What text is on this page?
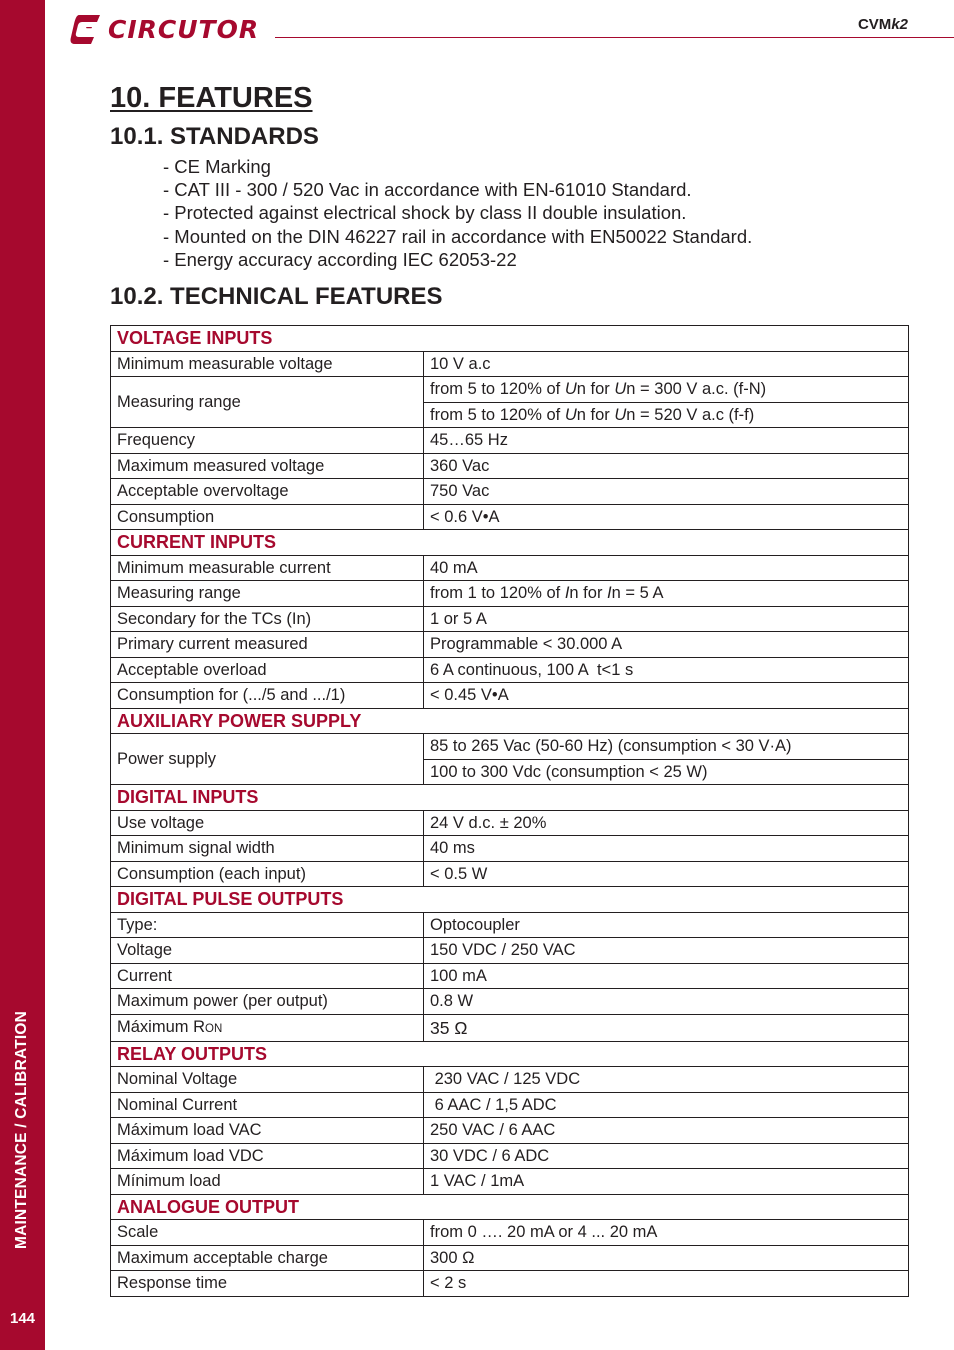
MAINTENANCE / CALIBRATION
144
CIRCUTOR	CVMk2
10. FEATURES
10.1. STANDARDS
- CE Marking
- CAT III - 300 / 520 Vac in accordance with EN-61010 Standard.
- Protected against electrical shock by class II double insulation.
- Mounted on the DIN 46227 rail in accordance with EN50022 Standard.
- Energy accuracy according IEC 62053-22
10.2. TECHNICAL FEATURES
VOLTAGE INPUTS	
Minimum measurable voltage	10 V a.c
Measuring range	from 5 to 120% of Un for Un = 300 V a.c. (f-N)
	from 5 to 120% of Un for Un = 520 V a.c (f-f)
Frequency	45…65 Hz
Maximum measured voltage	360 Vac
Acceptable overvoltage	750 Vac
Consumption	< 0.6 V•A
CURRENT INPUTS	
Minimum measurable current	40 mA
Measuring range	from 1 to 120% of In for In = 5 A
Secondary for the TCs (In)	1 or 5 A
Primary current measured	Programmable < 30.000 A
Acceptable overload	6 A continuous, 100 A  t<1 s
Consumption for (.../5 and .../1)	< 0.45 V•A
AUXILIARY POWER SUPPLY	
Power supply	85 to 265 Vac (50-60 Hz) (consumption < 30 V·A)
	100 to 300 Vdc (consumption < 25 W)
DIGITAL INPUTS	
Use voltage	24 V d.c. ± 20%
Minimum signal width	40 ms
Consumption (each input)	< 0.5 W
DIGITAL PULSE OUTPUTS	
Type:	Optocoupler
Voltage	150 VDC / 250 VAC
Current	100 mA
Maximum power (per output)	0.8 W
Máximum RON	35 Ω
RELAY OUTPUTS	
Nominal Voltage	230 VAC / 125 VDC
Nominal Current	6 AAC / 1,5 ADC
Máximum load VAC	250 VAC / 6 AAC
Máximum load VDC	30 VDC / 6 ADC
Mínimum load	1 VAC / 1mA
ANALOGUE OUTPUT	
Scale	from 0 …. 20 mA or 4 ... 20 mA
Maximum acceptable charge	300 Ω
Response time	< 2 s
